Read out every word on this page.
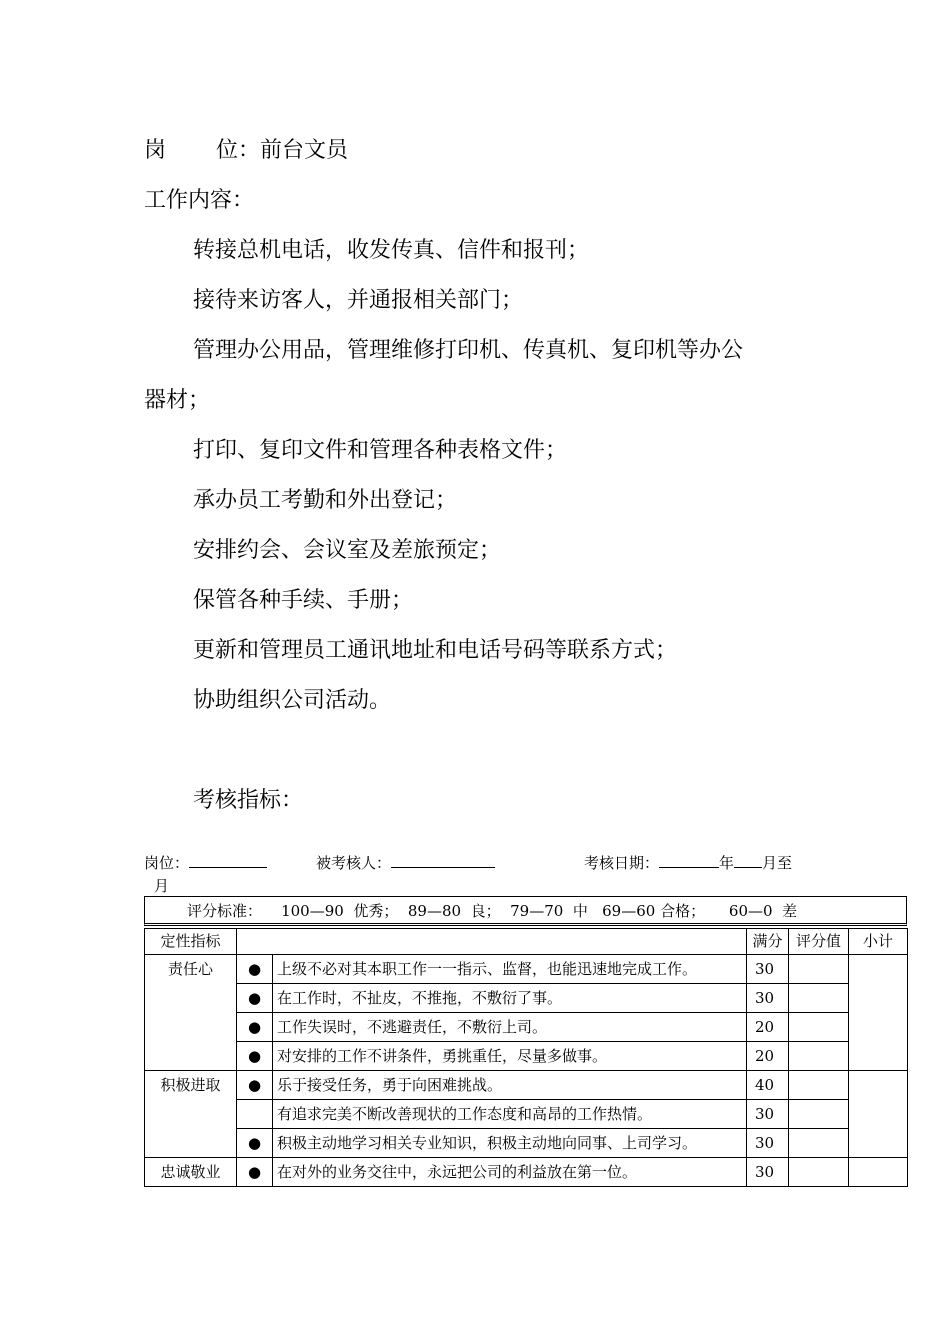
岗 位：前台文员
工作内容：
转接总机电话，收发传真、信件和报刊；
接待来访客人，并通报相关部门；
管理办公用品，管理维修打印机、传真机、复印机等办公
器材；
打印、复印文件和管理各种表格文件；
承办员工考勤和外出登记；
安排约会、会议室及差旅预定；
保管各种手续、手册；
更新和管理员工通讯地址和电话号码等联系方式；
协助组织公司活动。
考核指标：
岗位：	被考核人：	考核日期：	年 月至
月
评分标准：    100—90  优秀；  89—80  良；  79—70  中   69—60 合格；     60—0  差
定性指标			满分	评分值	小计
责任心	●	上级不必对其本职工作一一指示、监督，也能迅速地完成工作。	30		
	●	在工作时，不扯皮，不推拖，不敷衍了事。	30		
	●	工作失误时，不逃避责任，不敷衍上司。	20		
	●	对安排的工作不讲条件，勇挑重任，尽量多做事。	20		
积极进取	●	乐于接受任务，勇于向困难挑战。	40		
		有追求完美不断改善现状的工作态度和高昂的工作热情。	30		
	●	积极主动地学习相关专业知识，积极主动地向同事、上司学习。	30		
忠诚敬业	●	在对外的业务交往中，永远把公司的利益放在第一位。	30		
